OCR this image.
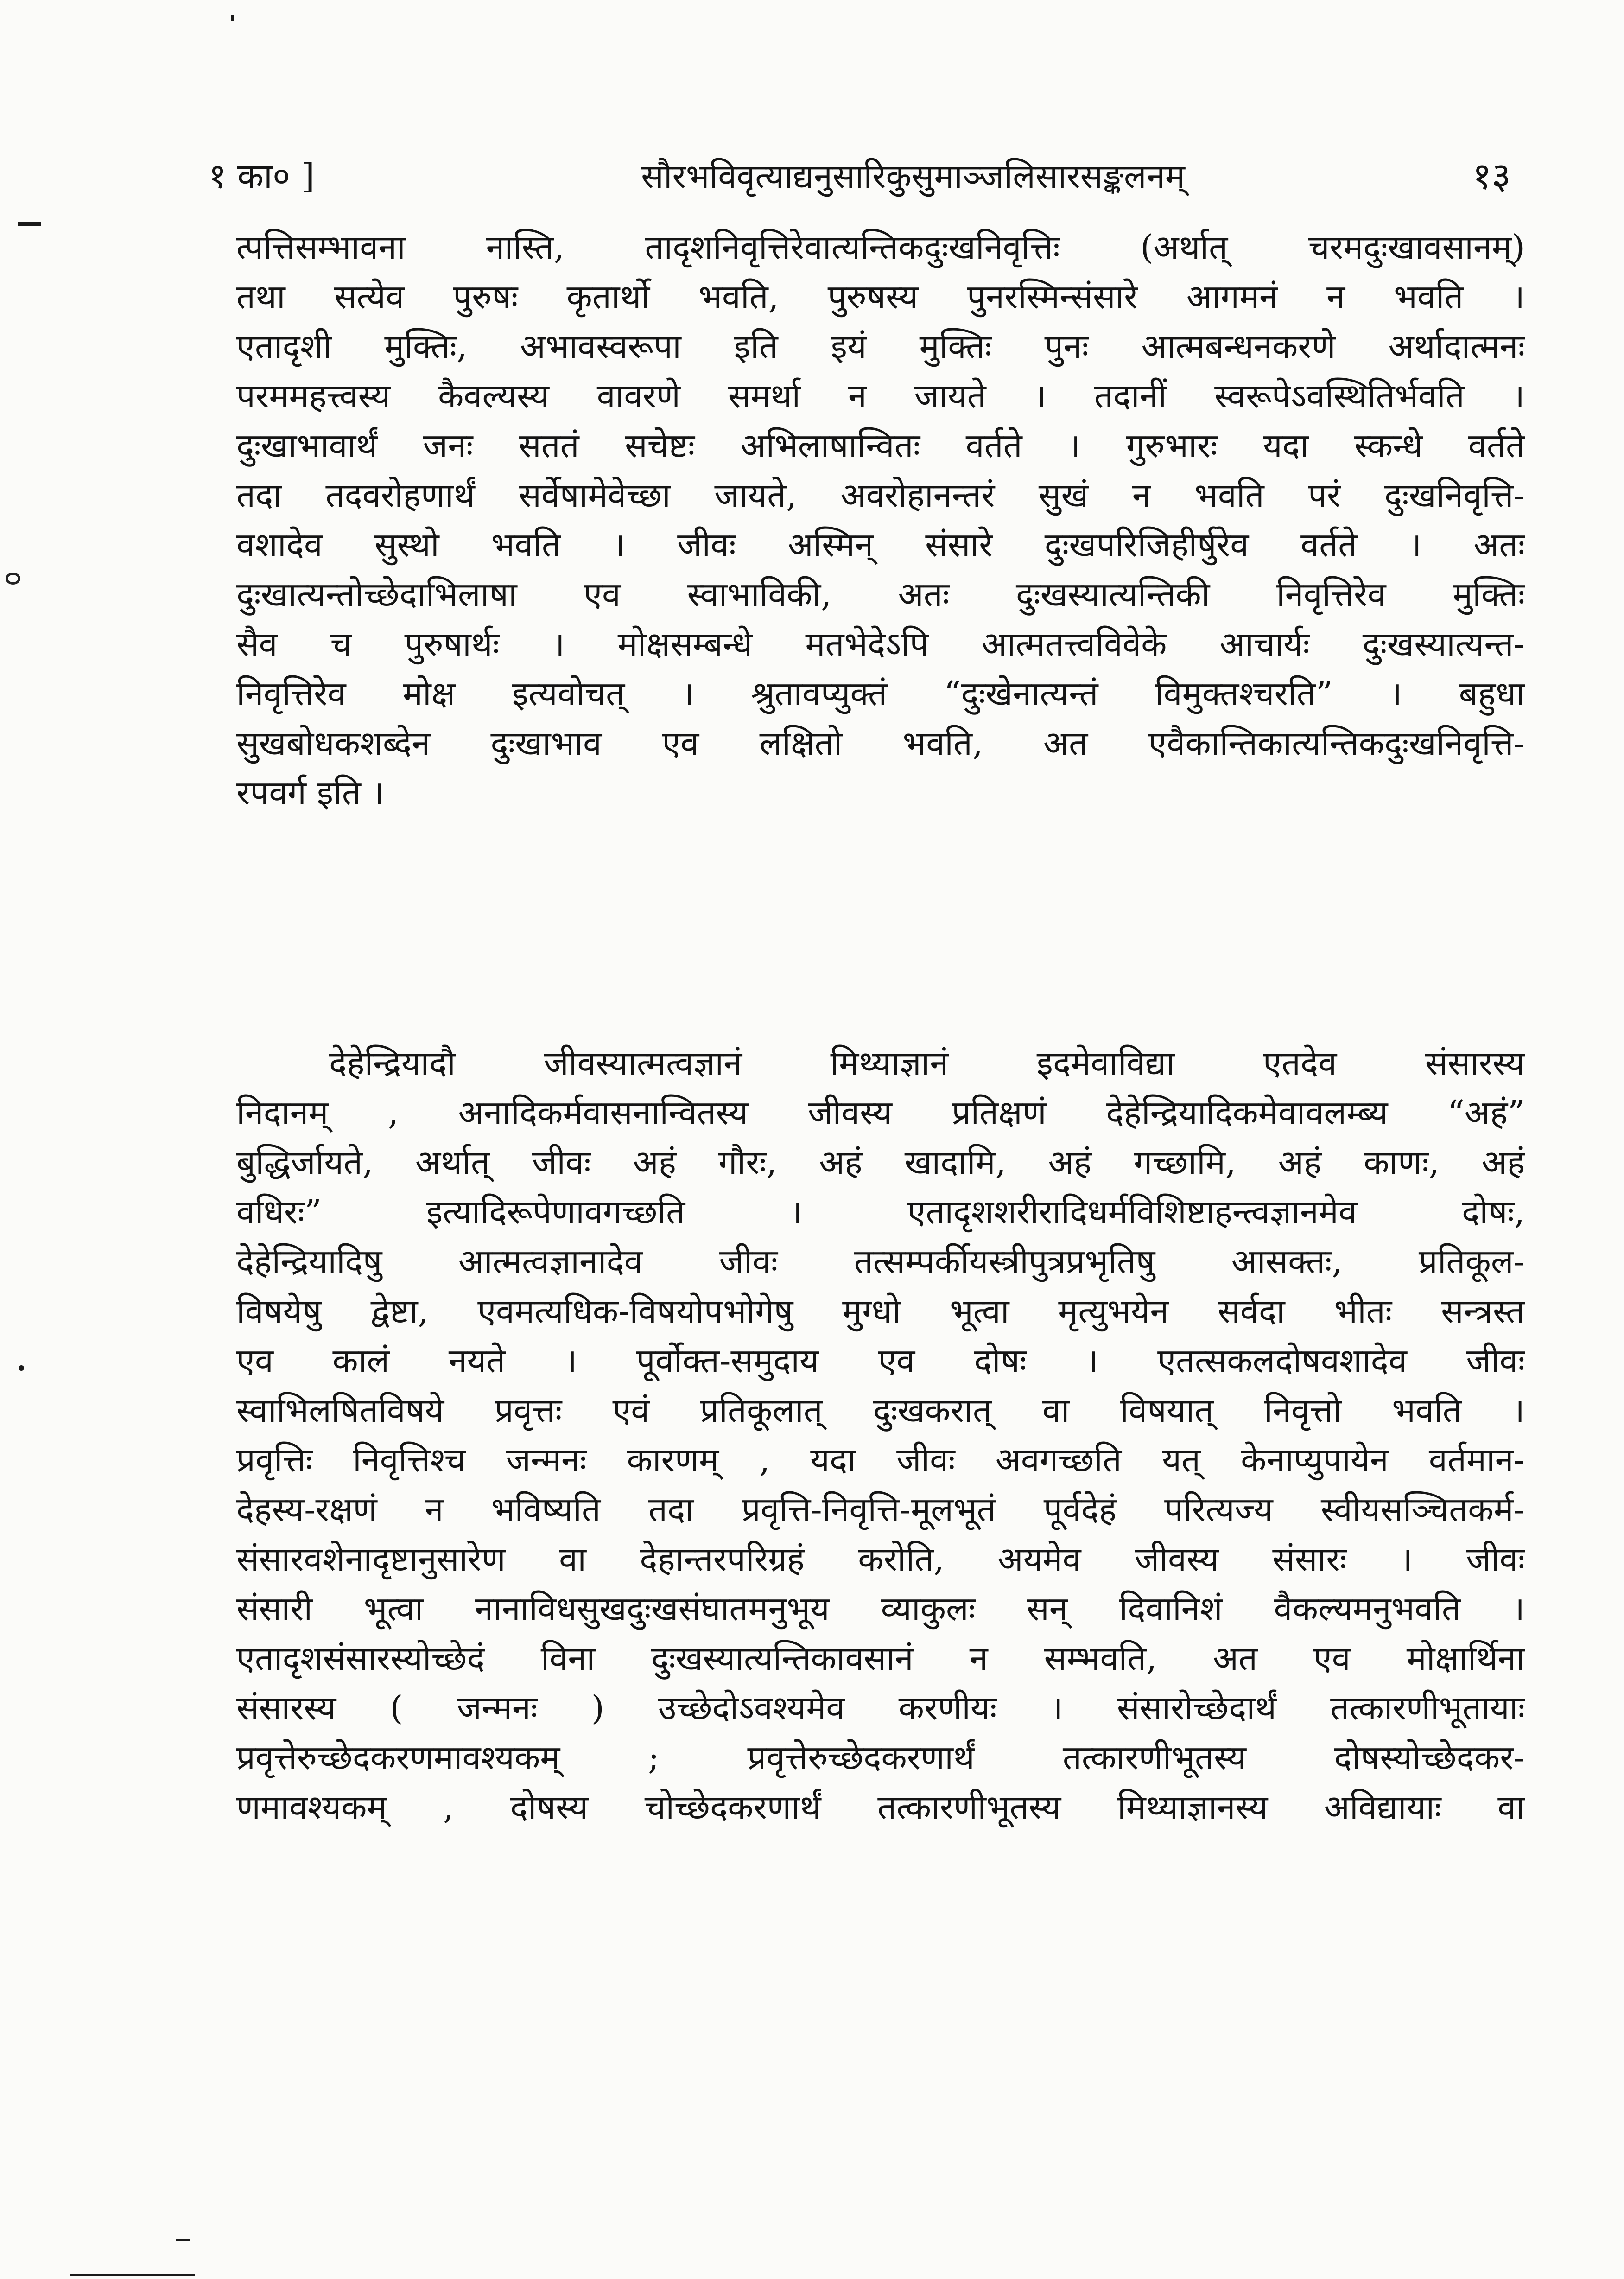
१ का० ]	सौरभविवृत्याद्यनुसारिकुसुमाञ्जलिसारसङ्कलनम्	१३
त्पत्तिसम्भावना नास्ति, तादृशनिवृत्तिरेवात्यन्तिकदुःखनिवृत्तिः (अर्थात् चरमदुःखावसानम्)
तथा सत्येव पुरुषः कृतार्थो भवति, पुरुषस्य पुनरस्मिन्संसारे आगमनं न भवति ।
एतादृशी मुक्तिः, अभावस्वरूपा इति इयं मुक्तिः पुनः आत्मबन्धनकरणे अर्थादात्मनः
परममहत्त्वस्य कैवल्यस्य वावरणे समर्था न जायते । तदानीं स्वरूपेऽवस्थितिर्भवति ।
दुःखाभावार्थं जनः सततं सचेष्टः अभिलाषान्वितः वर्तते । गुरुभारः यदा स्कन्धे वर्तते
तदा तदवरोहणार्थं सर्वेषामेवेच्छा जायते, अवरोहानन्तरं सुखं न भवति परं दुःखनिवृत्ति-
वशादेव सुस्थो भवति । जीवः अस्मिन् संसारे दुःखपरिजिहीर्षुरेव वर्तते । अतः
दुःखात्यन्तोच्छेदाभिलाषा एव स्वाभाविकी, अतः दुःखस्यात्यन्तिकी निवृत्तिरेव मुक्तिः
सैव च पुरुषार्थः । मोक्षसम्बन्धे मतभेदेऽपि आत्मतत्त्वविवेके आचार्यः दुःखस्यात्यन्त-
निवृत्तिरेव मोक्ष इत्यवोचत् । श्रुतावप्युक्तं “दुःखेनात्यन्तं विमुक्तश्चरति” । बहुधा
सुखबोधकशब्देन दुःखाभाव एव लक्षितो भवति, अत एवैकान्तिकात्यन्तिकदुःखनिवृत्ति-
रपवर्ग इति ।
देहेन्द्रियादौ जीवस्यात्मत्वज्ञानं मिथ्याज्ञानं इदमेवाविद्या एतदेव संसारस्य
निदानम् , अनादिकर्मवासनान्वितस्य जीवस्य प्रतिक्षणं देहेन्द्रियादिकमेवावलम्ब्य “अहं”
बुद्धिर्जायते, अर्थात् जीवः अहं गौरः, अहं खादामि, अहं गच्छामि, अहं काणः, अहं
वधिरः” इत्यादिरूपेणावगच्छति । एतादृशशरीरादिधर्मविशिष्टाहन्त्वज्ञानमेव दोषः,
देहेन्द्रियादिषु आत्मत्वज्ञानादेव जीवः तत्सम्पर्कीयस्त्रीपुत्रप्रभृतिषु आसक्तः, प्रतिकूल-
विषयेषु द्वेष्टा, एवमत्यधिक-विषयोपभोगेषु मुग्धो भूत्वा मृत्युभयेन सर्वदा भीतः सन्त्रस्त
एव कालं नयते । पूर्वोक्त-समुदाय एव दोषः । एतत्सकलदोषवशादेव जीवः
स्वाभिलषितविषये प्रवृत्तः एवं प्रतिकूलात् दुःखकरात् वा विषयात् निवृत्तो भवति ।
प्रवृत्तिः निवृत्तिश्च जन्मनः कारणम् , यदा जीवः अवगच्छति यत् केनाप्युपायेन वर्तमान-
देहस्य-रक्षणं न भविष्यति तदा प्रवृत्ति-निवृत्ति-मूलभूतं पूर्वदेहं परित्यज्य स्वीयसञ्चितकर्म-
संसारवशेनादृष्टानुसारेण वा देहान्तरपरिग्रहं करोति, अयमेव जीवस्य संसारः । जीवः
संसारी भूत्वा नानाविधसुखदुःखसंघातमनुभूय व्याकुलः सन् दिवानिशं वैकल्यमनुभवति ।
एतादृशसंसारस्योच्छेदं विना दुःखस्यात्यन्तिकावसानं न सम्भवति, अत एव मोक्षार्थिना
संसारस्य ( जन्मनः ) उच्छेदोऽवश्यमेव करणीयः । संसारोच्छेदार्थं तत्कारणीभूतायाः
प्रवृत्तेरुच्छेदकरणमावश्यकम् ; प्रवृत्तेरुच्छेदकरणार्थं तत्कारणीभूतस्य दोषस्योच्छेदकर-
णमावश्यकम् , दोषस्य चोच्छेदकरणार्थं तत्कारणीभूतस्य मिथ्याज्ञानस्य अविद्यायाः वा
